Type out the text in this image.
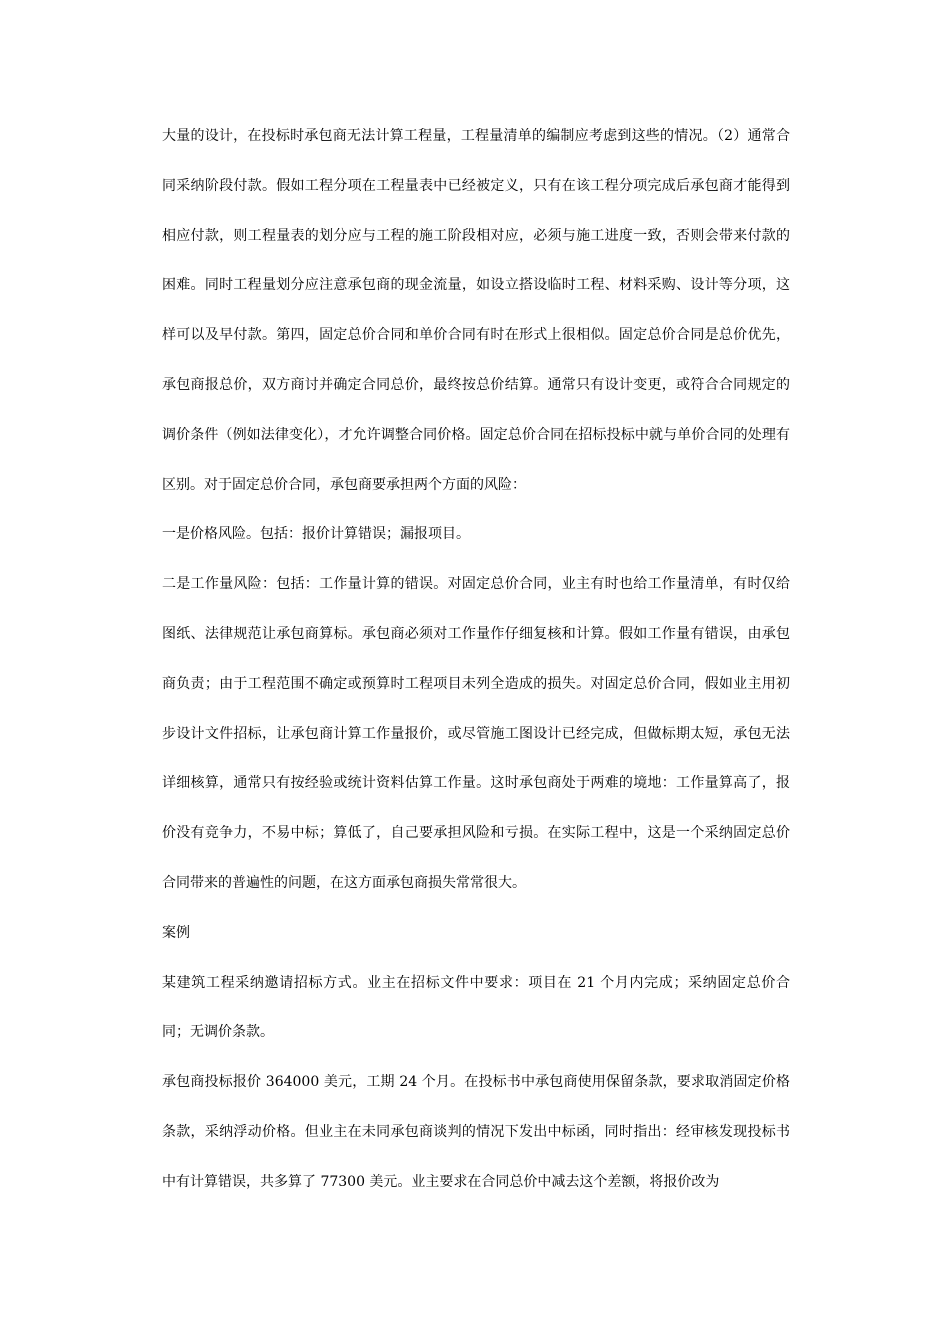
大量的设计，在投标时承包商无法计算工程量，工程量清单的编制应考虑到这些的情况。（2）通常合同采纳阶段付款。假如工程分项在工程量表中已经被定义，只有在该工程分项完成后承包商才能得到相应付款，则工程量表的划分应与工程的施工阶段相对应，必须与施工进度一致，否则会带来付款的困难。同时工程量划分应注意承包商的现金流量，如设立搭设临时工程、材料采购、设计等分项，这样可以及早付款。第四，固定总价合同和单价合同有时在形式上很相似。固定总价合同是总价优先，承包商报总价，双方商讨并确定合同总价，最终按总价结算。通常只有设计变更，或符合合同规定的调价条件（例如法律变化），才允许调整合同价格。固定总价合同在招标投标中就与单价合同的处理有区别。对于固定总价合同，承包商要承担两个方面的风险：

一是价格风险。包括：报价计算错误；漏报项目。

二是工作量风险：包括：工作量计算的错误。对固定总价合同，业主有时也给工作量清单，有时仅给图纸、法律规范让承包商算标。承包商必须对工作量作仔细复核和计算。假如工作量有错误，由承包商负责；由于工程范围不确定或预算时工程项目未列全造成的损失。对固定总价合同，假如业主用初步设计文件招标，让承包商计算工作量报价，或尽管施工图设计已经完成，但做标期太短，承包无法详细核算，通常只有按经验或统计资料估算工作量。这时承包商处于两难的境地：工作量算高了，报价没有竞争力，不易中标；算低了，自己要承担风险和亏损。在实际工程中，这是一个采纳固定总价合同带来的普遍性的问题，在这方面承包商损失常常很大。

案例

某建筑工程采纳邀请招标方式。业主在招标文件中要求：项目在 21 个月内完成；采纳固定总价合同；无调价条款。

承包商投标报价 364000 美元，工期 24 个月。在投标书中承包商使用保留条款，要求取消固定价格条款，采纳浮动价格。但业主在未同承包商谈判的情况下发出中标函，同时指出：经审核发现投标书中有计算错误，共多算了 77300 美元。业主要求在合同总价中减去这个差额，将报价改为
